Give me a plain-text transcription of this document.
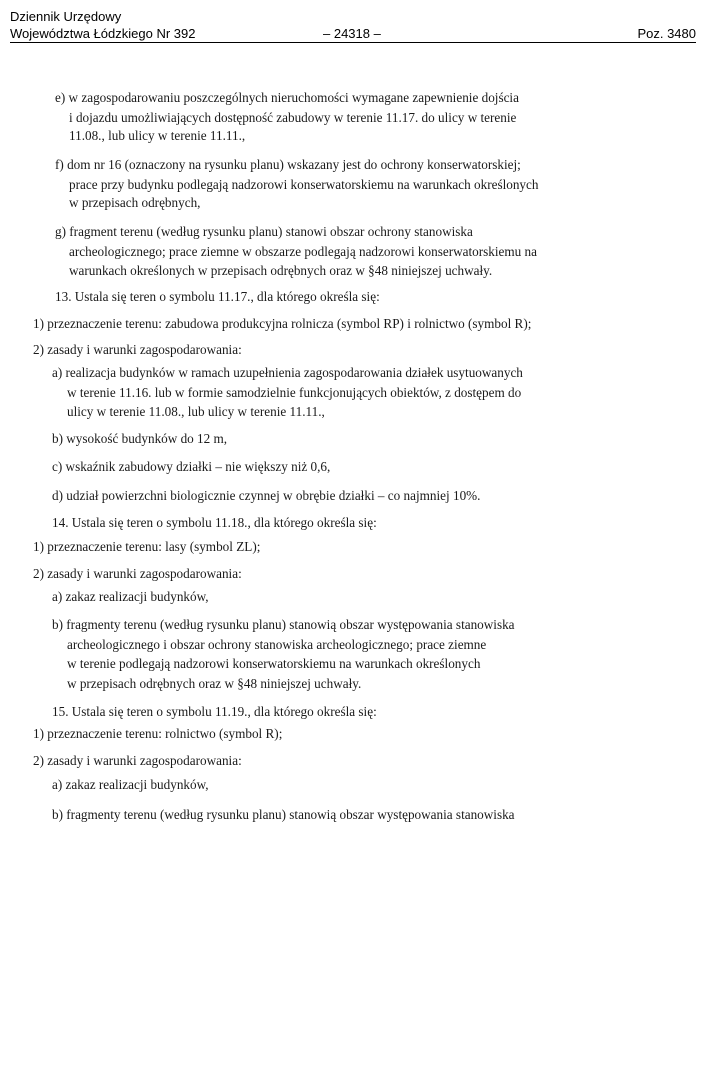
Dziennik Urzędowy
Województwa Łódzkiego Nr 392	– 24318 –	Poz. 3480
e) w zagospodarowaniu poszczególnych nieruchomości wymagane zapewnienie dojścia
i dojazdu umożliwiających dostępność zabudowy w terenie 11.17. do ulicy w terenie
11.08., lub ulicy w terenie 11.11.,
f) dom nr 16 (oznaczony na rysunku planu) wskazany jest do ochrony konserwatorskiej;
prace przy budynku podlegają nadzorowi konserwatorskiemu na warunkach określonych
w przepisach odrębnych,
g) fragment terenu (według rysunku planu) stanowi obszar ochrony stanowiska
archeologicznego; prace ziemne w obszarze podlegają nadzorowi konserwatorskiemu na
warunkach określonych w przepisach odrębnych oraz w §48 niniejszej uchwały.
13. Ustala się teren o symbolu 11.17., dla którego określa się:
1) przeznaczenie terenu: zabudowa produkcyjna rolnicza (symbol RP) i rolnictwo (symbol R);
2) zasady i warunki zagospodarowania:
a) realizacja budynków w ramach uzupełnienia zagospodarowania działek usytuowanych
w terenie 11.16. lub w formie samodzielnie funkcjonujących obiektów, z dostępem do
ulicy w terenie 11.08., lub ulicy w terenie 11.11.,
b) wysokość budynków do 12 m,
c) wskaźnik zabudowy działki – nie większy niż 0,6,
d) udział powierzchni biologicznie czynnej w obrębie działki – co najmniej 10%.
14. Ustala się teren o symbolu 11.18., dla którego określa się:
1) przeznaczenie terenu: lasy (symbol ZL);
2) zasady i warunki zagospodarowania:
a) zakaz realizacji budynków,
b) fragmenty terenu (według rysunku planu) stanowią obszar występowania stanowiska
archeologicznego i obszar ochrony stanowiska archeologicznego; prace ziemne
w terenie podlegają nadzorowi konserwatorskiemu na warunkach określonych
w przepisach odrębnych oraz w §48 niniejszej uchwały.
15. Ustala się teren o symbolu 11.19., dla którego określa się:
1) przeznaczenie terenu: rolnictwo (symbol R);
2) zasady i warunki zagospodarowania:
a) zakaz realizacji budynków,
b) fragmenty terenu (według rysunku planu) stanowią obszar występowania stanowiska
